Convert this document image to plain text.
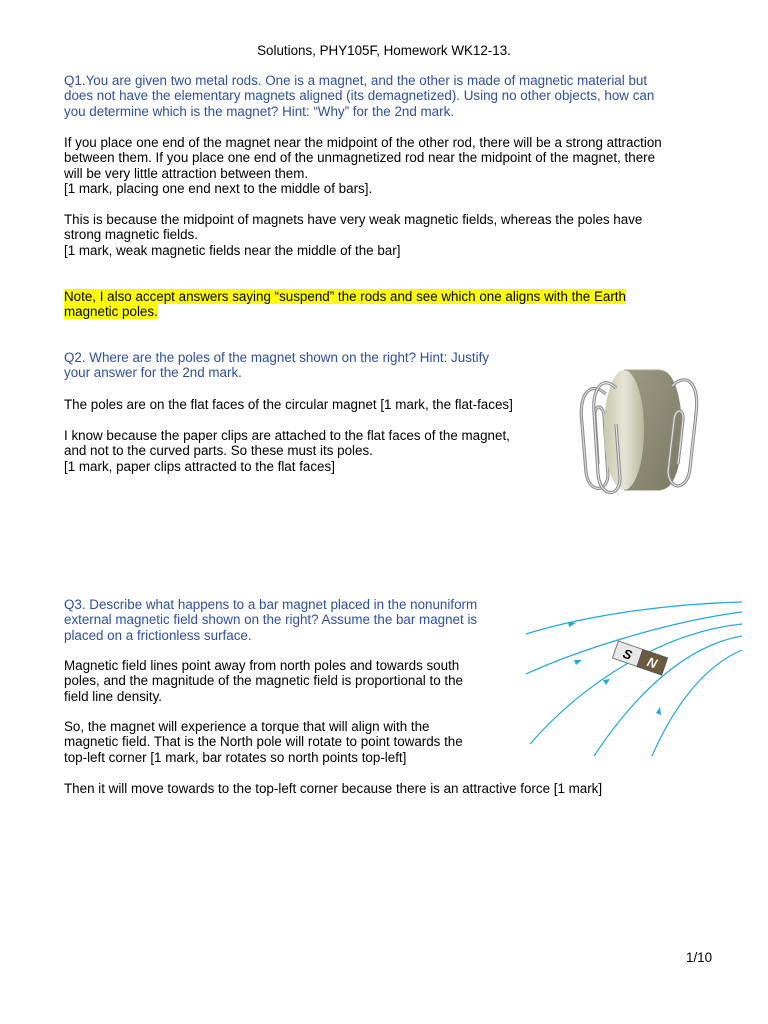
Solutions, PHY105F, Homework WK12-13.
Q1.You are given two metal rods. One is a magnet, and the other is made of magnetic material but
does not have the elementary magnets aligned (its demagnetized). Using no other objects, how can
you determine which is the magnet? Hint: “Why” for the 2nd mark.
If you place one end of the magnet near the midpoint of the other rod, there will be a strong attraction
between them. If you place one end of the unmagnetized rod near the midpoint of the magnet, there
will be very little attraction between them.
[1 mark, placing one end next to the middle of bars].
This is because the midpoint of magnets have very weak magnetic fields, whereas the poles have
strong magnetic fields.
[1 mark, weak magnetic fields near the middle of the bar]
Note, I also accept answers saying “suspend” the rods and see which one aligns with the Earth
magnetic poles.
Q2. Where are the poles of the magnet shown on the right? Hint: Justify
your answer for the 2nd mark.
The poles are on the flat faces of the circular magnet [1 mark, the flat-faces]
I know because the paper clips are attached to the flat faces of the magnet,
and not to the curved parts. So these must its poles.
[1 mark, paper clips attracted to the flat faces]
Q3. Describe what happens to a bar magnet placed in the nonuniform
external magnetic field shown on the right? Assume the bar magnet is
placed on a frictionless surface.
Magnetic field lines point away from north poles and towards south
poles, and the magnitude of the magnetic field is proportional to the
field line density.
So, the magnet will experience a torque that will align with the
magnetic field. That is the North pole will rotate to point towards the
top-left corner [1 mark, bar rotates so north points top-left]
Then it will move towards to the top-left corner because there is an attractive force [1 mark]
S N
1/10
